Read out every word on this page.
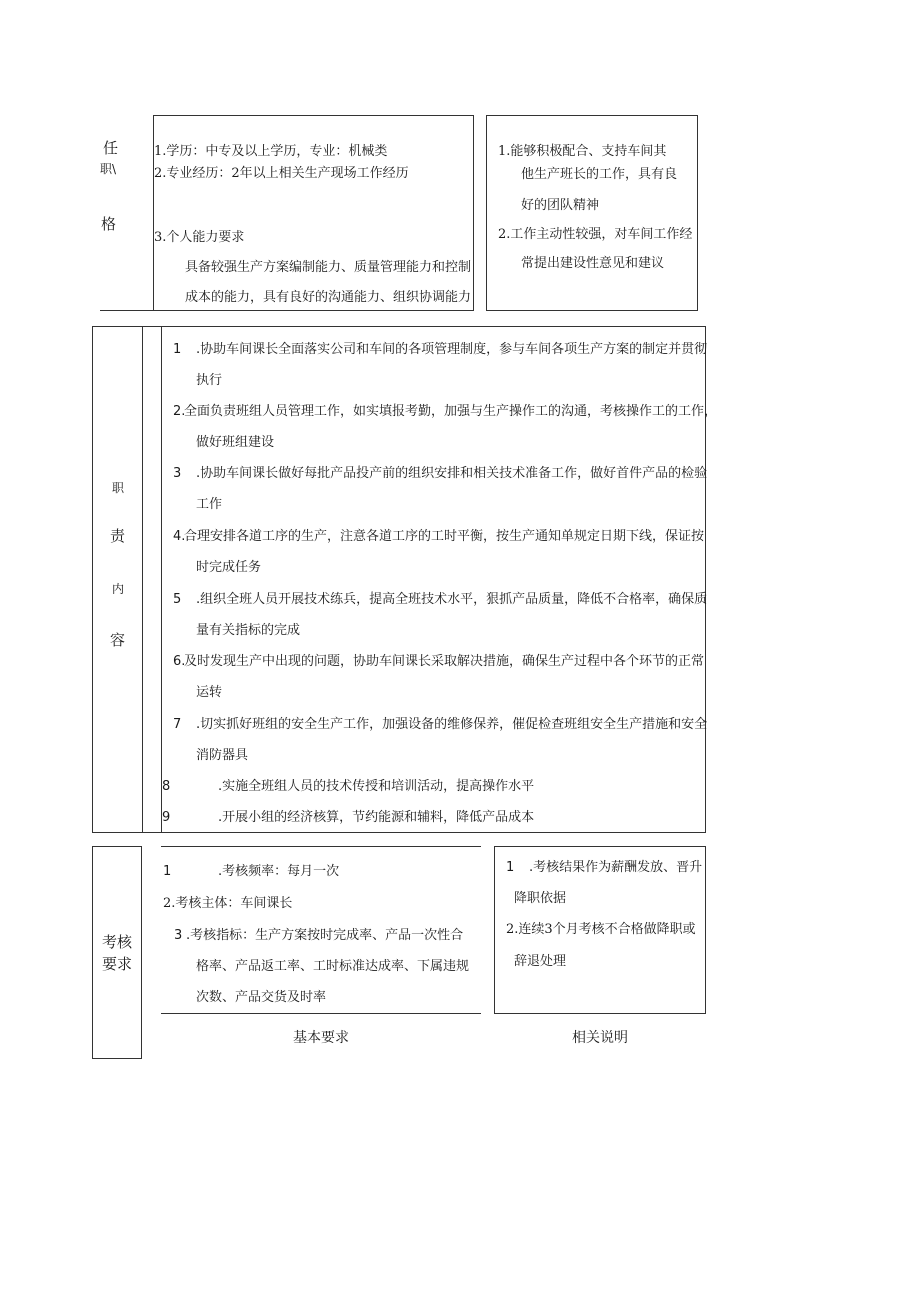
任
职\
格
1.学历：中专及以上学历，专业：机械类
2.专业经历：2年以上相关生产现场工作经历
3.个人能力要求
具备较强生产方案编制能力、质量管理能力和控制
成本的能力，具有良好的沟通能力、组织协调能力
1.能够积极配合、支持车间其
他生产班长的工作，具有良
好的团队精神
2.工作主动性较强，对车间工作经
常提出建设性意见和建议
职
责
内
容
1 .协助车间课长全面落实公司和车间的各项管理制度，参与车间各项生产方案的制定并贯彻
执行
2.
全面负责班组人员管理工作，如实填报考勤，加强与生产操作工的沟通，考核操作工的工作，
做好班组建设
3 .协助车间课长做好每批产品投产前的组织安排和相关技术准备工作，做好首件产品的检验
工作
4.
合理安排各道工序的生产，注意各道工序的工时平衡，按生产通知单规定日期下线，保证按
时完成任务
5 .组织全班人员开展技术练兵，提高全班技术水平，狠抓产品质量，降低不合格率，确保质
量有关指标的完成
6.
及时发现生产中出现的问题，协助车间课长采取解决措施，确保生产过程中各个环节的正常
运转
7 .切实抓好班组的安全生产工作，加强设备的维修保养，催促检查班组安全生产措施和安全
消防器具
8	.实施全班组人员的技术传授和培训活动，提高操作水平
9	.开展小组的经济核算，节约能源和辅料，降低产品成本
考核
要求
1	.考核频率：每月一次
2.考核主体：车间课长
3 .考核指标：生产方案按时完成率、产品一次性合
格率、产品返工率、工时标准达成率、下属违规
次数、产品交货及时率
1 .考核结果作为薪酬发放、晋升
降职依据
2.连续3个月考核不合格做降职或
辞退处理
基本要求	相关说明
